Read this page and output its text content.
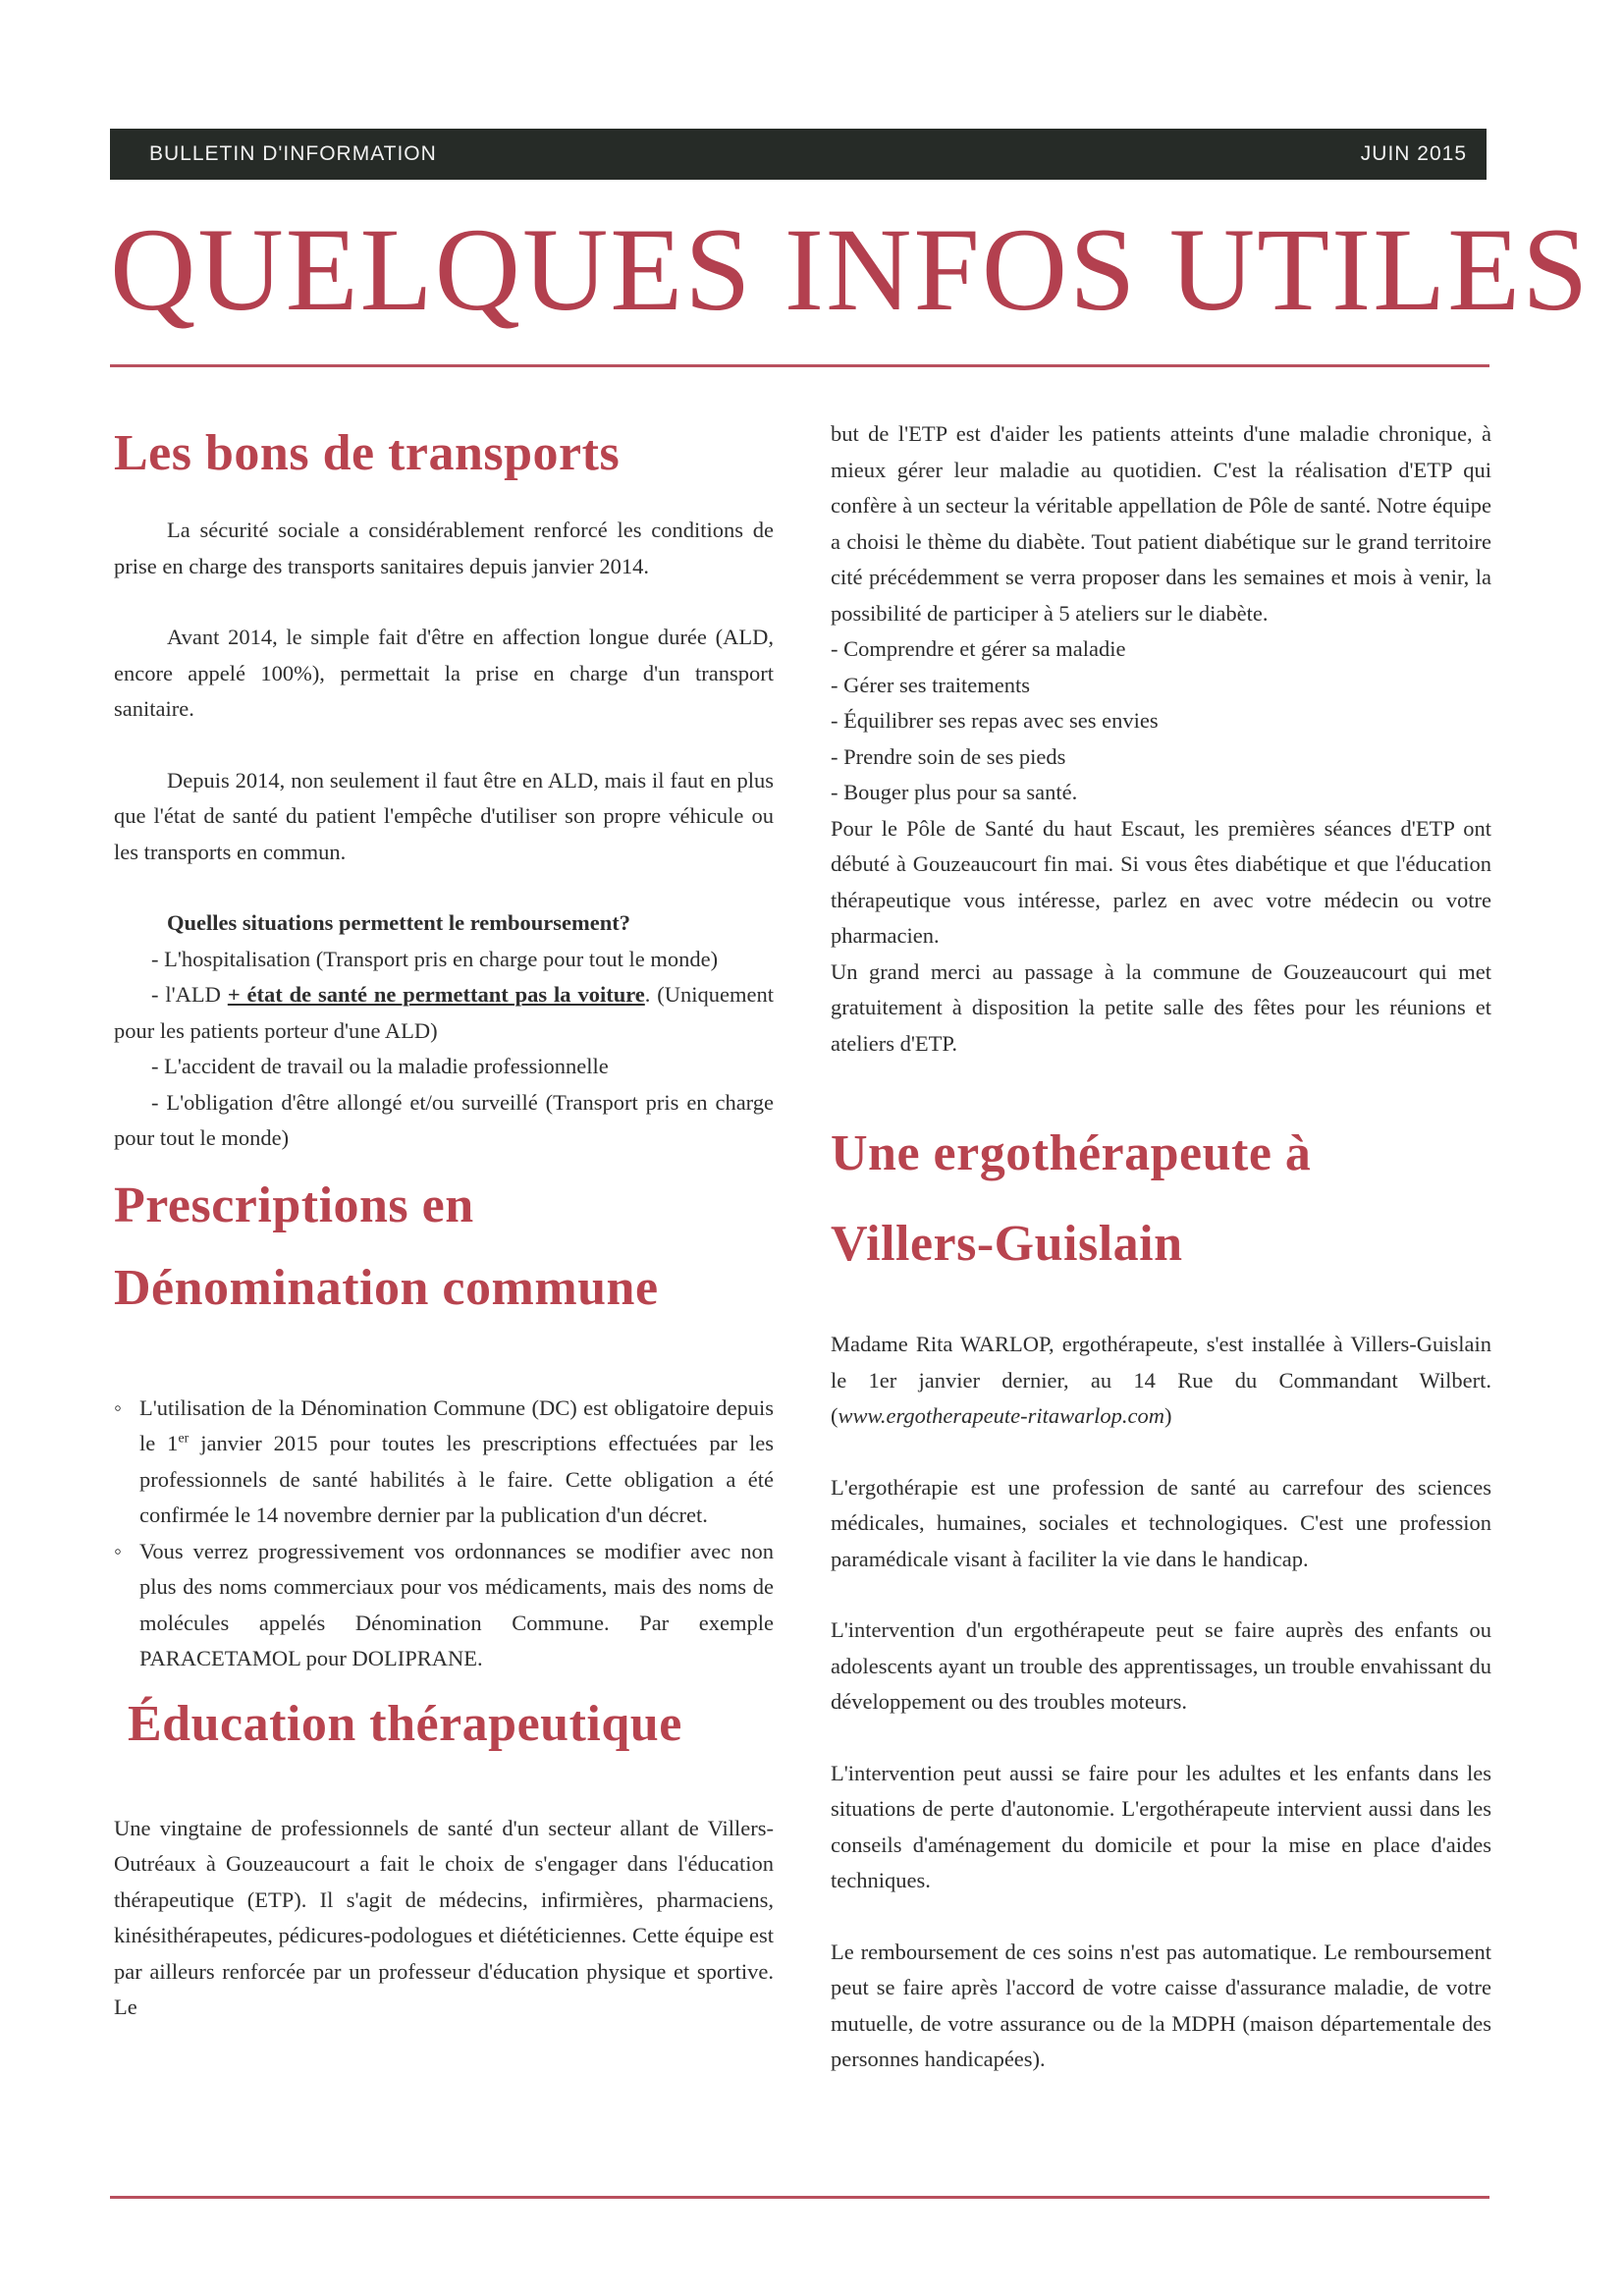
BULLETIN D'INFORMATION	JUIN 2015
QUELQUES INFOS UTILES
Les bons de transports

La sécurité sociale a considérablement renforcé les conditions de prise en charge des transports sanitaires depuis janvier 2014.

Avant 2014, le simple fait d'être en affection longue durée (ALD, encore appelé 100%), permettait la prise en charge d'un transport sanitaire.

Depuis 2014, non seulement il faut être en ALD, mais il faut en plus que l'état de santé du patient l'empêche d'utiliser son propre véhicule ou les transports en commun.

Quelles situations permettent le remboursement?

- L'hospitalisation (Transport pris en charge pour tout le monde)

- l'ALD + état de santé ne permettant pas la voiture. (Uniquement pour les patients porteur d'une ALD)

- L'accident de travail ou la maladie professionnelle

- L'obligation d'être allongé et/ou surveillé (Transport pris en charge pour tout le monde)

Prescriptions en
Dénomination commune

◦ L'utilisation de la Dénomination Commune (DC) est obligatoire depuis le 1er janvier 2015 pour toutes les prescriptions effectuées par les professionnels de santé habilités à le faire. Cette obligation a été confirmée le 14 novembre dernier par la publication d'un décret.

◦ Vous verrez progressivement vos ordonnances se modifier avec non plus des noms commerciaux pour vos médicaments, mais des noms de molécules appelés Dénomination Commune. Par exemple PARACETAMOL pour DOLIPRANE.

Éducation thérapeutique

Une vingtaine de professionnels de santé d'un secteur allant de Villers-Outréaux à Gouzeaucourt a fait le choix de s'engager dans l'éducation thérapeutique (ETP). Il s'agit de médecins, infirmières, pharmaciens, kinésithérapeutes, pédicures-podologues et diététiciennes. Cette équipe est par ailleurs renforcée par un professeur d'éducation physique et sportive. Le

but de l'ETP est d'aider les patients atteints d'une maladie chronique, à mieux gérer leur maladie au quotidien. C'est la réalisation d'ETP qui confère à un secteur la véritable appellation de Pôle de santé. Notre équipe a choisi le thème du diabète. Tout patient diabétique sur le grand territoire cité précédemment se verra proposer dans les semaines et mois à venir, la possibilité de participer à 5 ateliers sur le diabète.

- Comprendre et gérer sa maladie
- Gérer ses traitements
- Équilibrer ses repas avec ses envies
- Prendre soin de ses pieds
- Bouger plus pour sa santé.

Pour le Pôle de Santé du haut Escaut, les premières séances d'ETP ont débuté à Gouzeaucourt fin mai. Si vous êtes diabétique et que l'éducation thérapeutique vous intéresse, parlez en avec votre médecin ou votre pharmacien.

Un grand merci au passage à la commune de Gouzeaucourt qui met gratuitement à disposition la petite salle des fêtes pour les réunions et ateliers d'ETP.

Une ergothérapeute à
Villers-Guislain

Madame Rita WARLOP, ergothérapeute, s'est installée à Villers-Guislain le 1er janvier dernier, au 14 Rue du Commandant Wilbert. (www.ergotherapeute-ritawarlop.com)

L'ergothérapie est une profession de santé au carrefour des sciences médicales, humaines, sociales et technologiques. C'est une profession paramédicale visant à faciliter la vie dans le handicap.

L'intervention d'un ergothérapeute peut se faire auprès des enfants ou adolescents ayant un trouble des apprentissages, un trouble envahissant du développement ou des troubles moteurs.

L'intervention peut aussi se faire pour les adultes et les enfants dans les situations de perte d'autonomie. L'ergothérapeute intervient aussi dans les conseils d'aménagement du domicile et pour la mise en place d'aides techniques.

Le remboursement de ces soins n'est pas automatique. Le remboursement peut se faire après l'accord de votre caisse d'assurance maladie, de votre mutuelle, de votre assurance ou de la MDPH (maison départementale des personnes handicapées).
